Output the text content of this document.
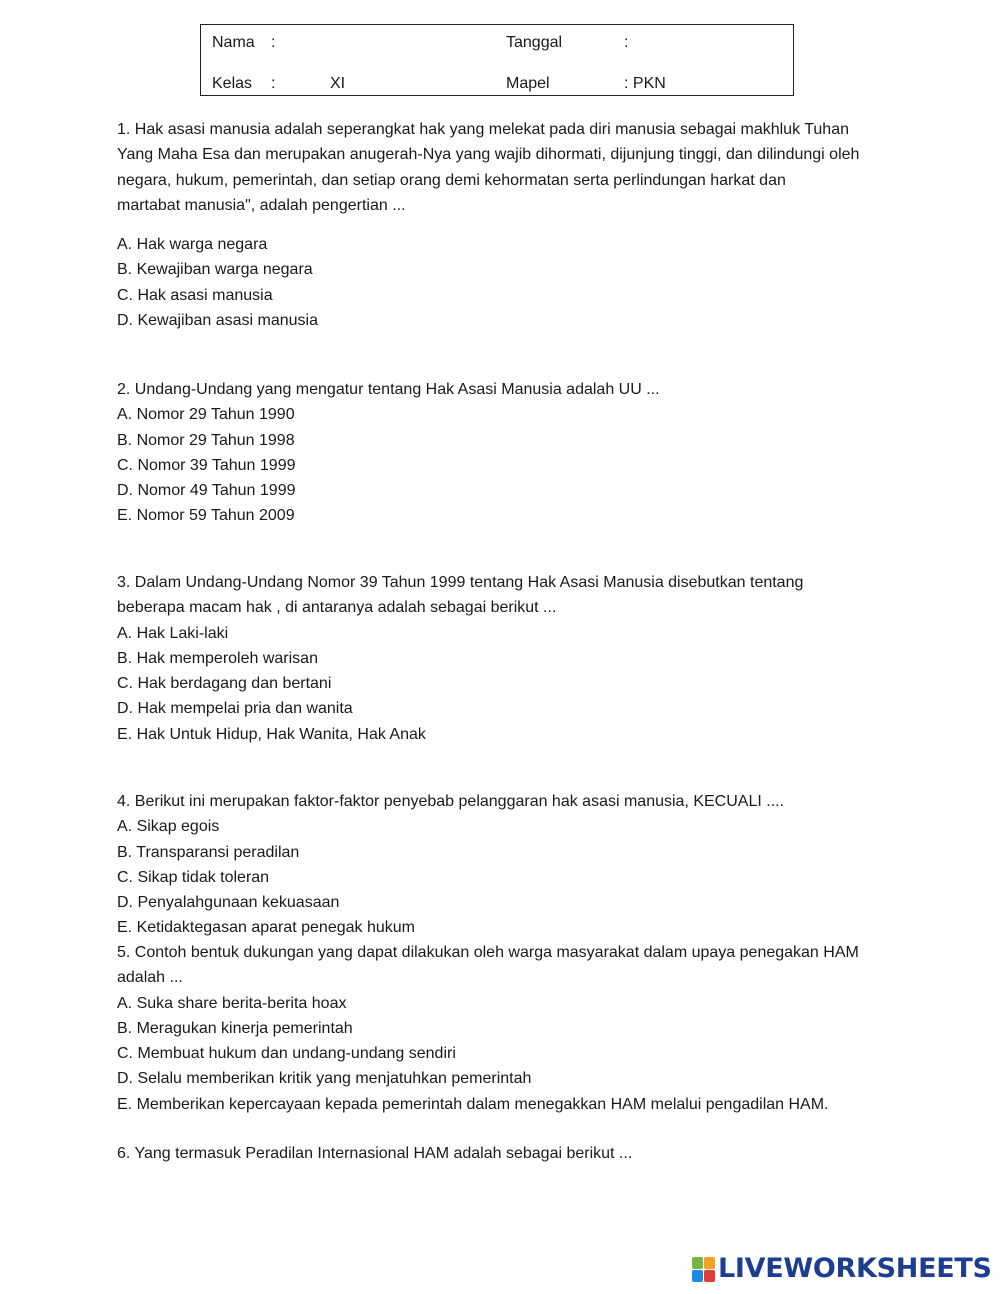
Nama :	Tanggal	:
Kelas :	XI	Mapel	: PKN

1. Hak asasi manusia adalah seperangkat hak yang melekat pada diri manusia sebagai makhluk Tuhan

Yang Maha Esa dan merupakan anugerah-Nya yang wajib dihormati, dijunjung tinggi, dan dilindungi oleh

negara, hukum, pemerintah, dan setiap orang demi kehormatan serta perlindungan harkat dan

martabat manusia", adalah pengertian ...

A. Hak warga negara

B. Kewajiban warga negara

C. Hak asasi manusia

D. Kewajiban asasi manusia

2. Undang-Undang yang mengatur tentang Hak Asasi Manusia adalah UU ...

A. Nomor 29 Tahun 1990

B. Nomor 29 Tahun 1998

C. Nomor 39 Tahun 1999

D. Nomor 49 Tahun 1999

E. Nomor 59 Tahun 2009

3. Dalam Undang-Undang Nomor 39 Tahun 1999 tentang Hak Asasi Manusia disebutkan tentang

beberapa macam hak , di antaranya adalah sebagai berikut ...

A. Hak Laki-laki

B. Hak memperoleh warisan

C. Hak berdagang dan bertani

D. Hak mempelai pria dan wanita

E. Hak Untuk Hidup, Hak Wanita, Hak Anak

4. Berikut ini merupakan faktor-faktor penyebab pelanggaran hak asasi manusia, KECUALI ....

A. Sikap egois

B. Transparansi peradilan

C. Sikap tidak toleran

D. Penyalahgunaan kekuasaan

E. Ketidaktegasan aparat penegak hukum

5. Contoh bentuk dukungan yang dapat dilakukan oleh warga masyarakat dalam upaya penegakan HAM

adalah ...

A. Suka share berita-berita hoax

B. Meragukan kinerja pemerintah

C. Membuat hukum dan undang-undang sendiri

D. Selalu memberikan kritik yang menjatuhkan pemerintah

E. Memberikan kepercayaan kepada pemerintah dalam menegakkan HAM melalui pengadilan HAM.

6. Yang termasuk Peradilan Internasional HAM adalah sebagai berikut ...

LIVEWORKSHEETS
